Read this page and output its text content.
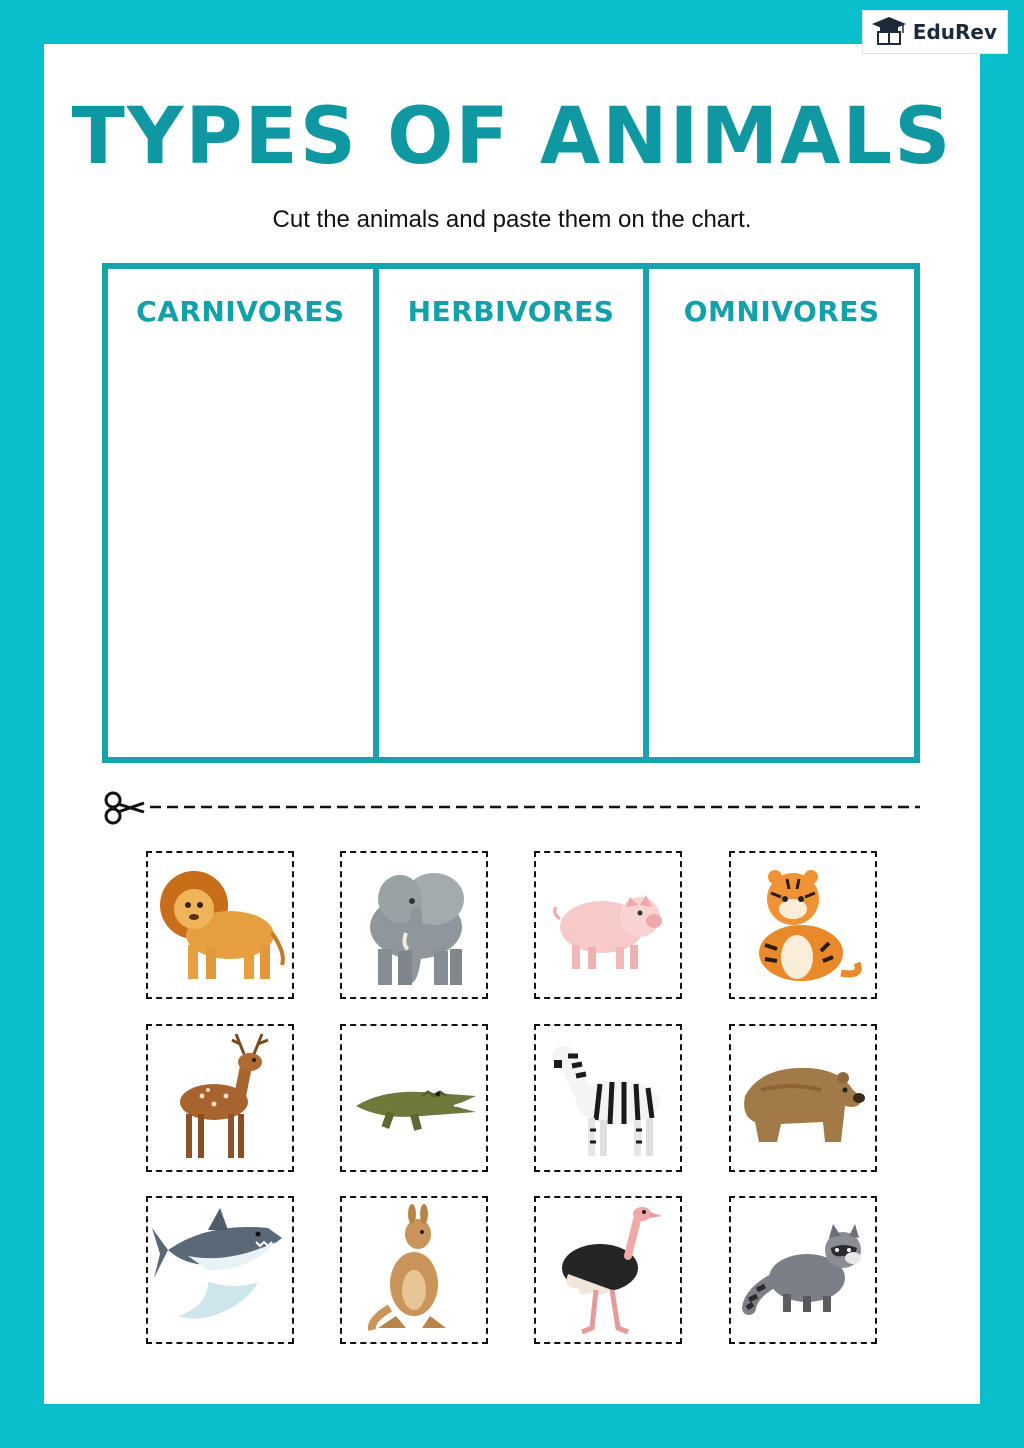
EduRev
TYPES OF ANIMALS
Cut the animals and paste them on the chart.
CARNIVORES	HERBIVORES	OMNIVORES
